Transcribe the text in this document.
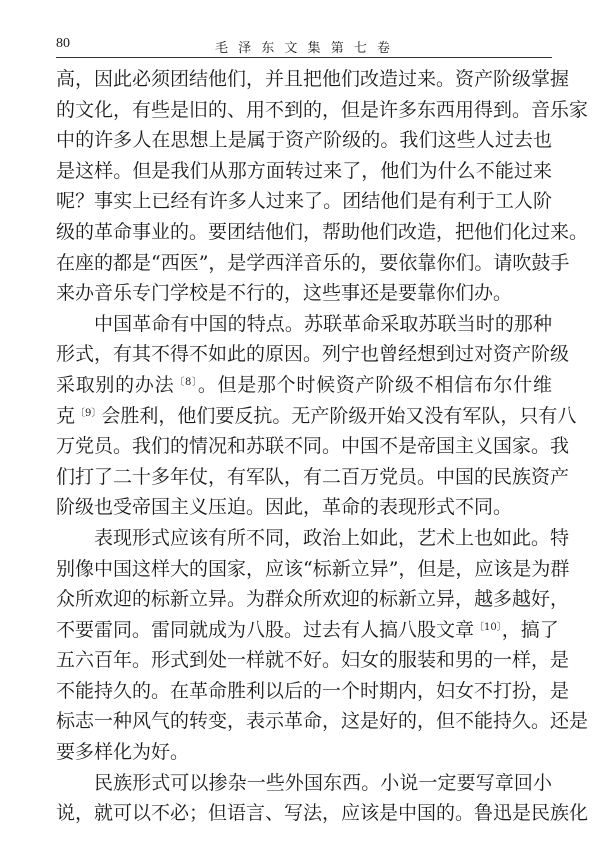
80	毛 泽 东 文 集 第 七 卷
高，因此必须团结他们，并且把他们改造过来。资产阶级掌握
的文化，有些是旧的、用不到的，但是许多东西用得到。音乐家
中的许多人在思想上是属于资产阶级的。我们这些人过去也
是这样。但是我们从那方面转过来了，他们为什么不能过来
呢？事实上已经有许多人过来了。团结他们是有利于工人阶
级的革命事业的。要团结他们，帮助他们改造，把他们化过来。
在座的都是“西医”，是学西洋音乐的，要依靠你们。请吹鼓手
来办音乐专门学校是不行的，这些事还是要靠你们办。
中国革命有中国的特点。苏联革命采取苏联当时的那种
形式，有其不得不如此的原因。列宁也曾经想到过对资产阶级
采取别的办法$^{〔8〕}$。但是那个时候资产阶级不相信布尔什维
克$^{〔9〕}$会胜利，他们要反抗。无产阶级开始又没有军队，只有八
万党员。我们的情况和苏联不同。中国不是帝国主义国家。我
们打了二十多年仗，有军队，有二百万党员。中国的民族资产
阶级也受帝国主义压迫。因此，革命的表现形式不同。
表现形式应该有所不同，政治上如此，艺术上也如此。特
别像中国这样大的国家，应该“标新立异”，但是，应该是为群
众所欢迎的标新立异。为群众所欢迎的标新立异，越多越好，
不要雷同。雷同就成为八股。过去有人搞八股文章$^{〔10〕}$，搞了
五六百年。形式到处一样就不好。妇女的服装和男的一样，是
不能持久的。在革命胜利以后的一个时期内，妇女不打扮，是
标志一种风气的转变，表示革命，这是好的，但不能持久。还是
要多样化为好。
民族形式可以掺杂一些外国东西。小说一定要写章回小
说，就可以不必；但语言、写法，应该是中国的。鲁迅是民族化
